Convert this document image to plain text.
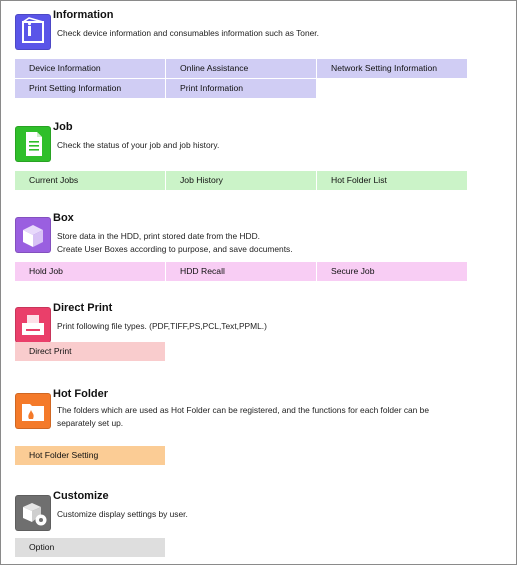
Information
Check device information and consumables information such as Toner.
Device Information	Online Assistance	Network Setting Information
Print Setting Information	Print Information
Job
Check the status of your job and job history.
Current Jobs	Job History	Hot Folder List
Box
Store data in the HDD, print stored date from the HDD.
Create User Boxes according to purpose, and save documents.
Hold Job	HDD Recall	Secure Job
Direct Print
Print following file types. (PDF,TIFF,PS,PCL,Text,PPML.)
Direct Print
Hot Folder
The folders which are used as Hot Folder can be registered, and the functions for each folder can be
separately set up.
Hot Folder Setting
Customize
Customize display settings by user.
Option
